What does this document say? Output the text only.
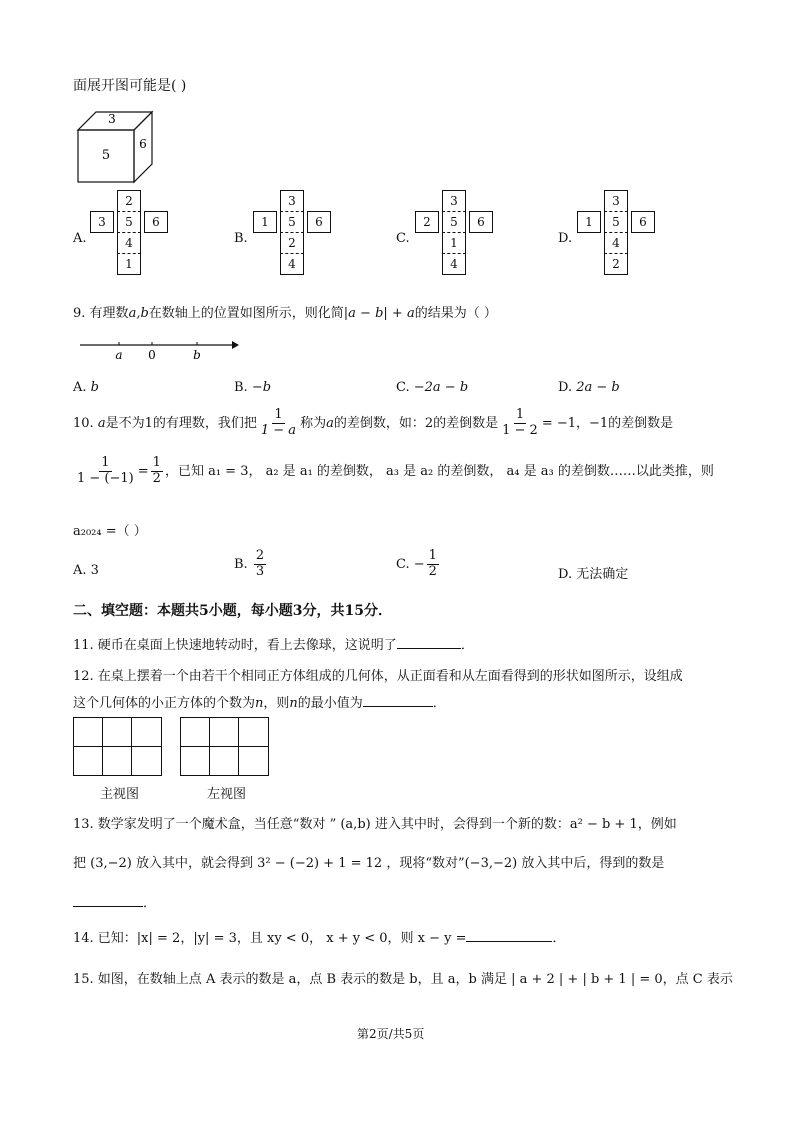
面展开图可能是( )
3
5
6
2
3	5	6
4
1
3
1	5	6
2
4
3
2	5	6
1
4
3
1	5	6
4
2
A.	B.	C.	D.
9. 有理数a,b在数轴上的位置如图所示，则化简|a − b| + a的结果为（ ）
a 0	b
A. b	B. −b	C. −2a − b	D. 2a − b
10. a是不为1的有理数，我们把 $\frac{1}{1 - a}$ 称为a的差倒数，如：2的差倒数是 $\frac{1}{1 - 2} = -1$，−1的差倒数是
$\frac{1}{1 - (-1)} = \frac{1}{2}$ ，已知 a₁ = 3， a₂ 是 a₁ 的差倒数， a₃ 是 a₂ 的差倒数， a₄ 是 a₃ 的差倒数……以此类推，则
a₂₀₂₄ =（ ）
A. 3	B. $\frac{2}{3}$	C. − $\frac{1}{2}$	D. 无法确定
二、填空题：本题共5小题，每小题3分，共15分．
11. 硬币在桌面上快速地转动时，看上去像球，这说明了	．
12. 在桌上摆着一个由若干个相同正方体组成的几何体，从正面看和从左面看得到的形状如图所示，设组成
这个几何体的小正方体的个数为n，则n的最小值为	．
主视图	左视图
13. 数学家发明了一个魔术盒，当任意“数对 ” (a,b) 进入其中时，会得到一个新的数：a² − b + 1，例如
把 (3,−2) 放入其中，就会得到 3² − (−2) + 1 = 12 ，现将“数对”(−3,−2) 放入其中后，得到的数是
．
14. 已知：|x| = 2，|y| = 3，且 xy < 0， x + y < 0，则 x − y =	．
15. 如图，在数轴上点 A 表示的数是 a，点 B 表示的数是 b，且 a，b 满足 | a + 2 | + | b + 1 | = 0，点 C 表示
第2页/共5页
